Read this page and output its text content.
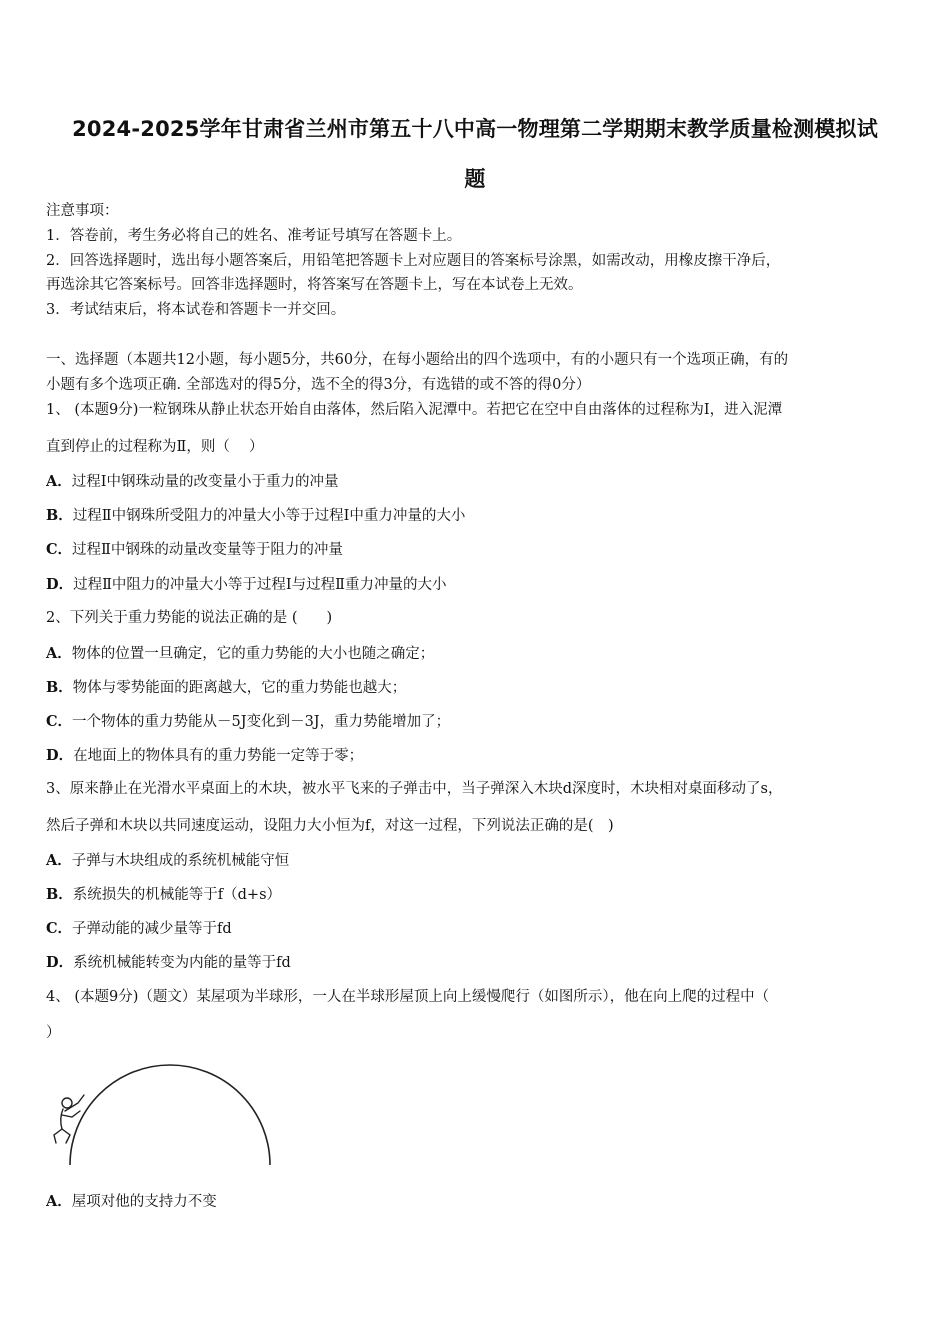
2024-2025学年甘肃省兰州市第五十八中高一物理第二学期期末教学质量检测模拟试
题
注意事项：
1．答卷前，考生务必将自己的姓名、准考证号填写在答题卡上。
2．回答选择题时，选出每小题答案后，用铅笔把答题卡上对应题目的答案标号涂黑，如需改动，用橡皮擦干净后，
再选涂其它答案标号。回答非选择题时，将答案写在答题卡上，写在本试卷上无效。
3．考试结束后，将本试卷和答题卡一并交回。
一、选择题（本题共12小题，每小题5分，共60分，在每小题给出的四个选项中，有的小题只有一个选项正确，有的
小题有多个选项正确. 全部选对的得5分，选不全的得3分，有选错的或不答的得0分）
1、 (本题9分)一粒钢珠从静止状态开始自由落体，然后陷入泥潭中。若把它在空中自由落体的过程称为Ⅰ，进入泥潭
直到停止的过程称为Ⅱ，则（　 ）
A．过程Ⅰ中钢珠动量的改变量小于重力的冲量
B．过程Ⅱ中钢珠所受阻力的冲量大小等于过程Ⅰ中重力冲量的大小
C．过程Ⅱ中钢珠的动量改变量等于阻力的冲量
D．过程Ⅱ中阻力的冲量大小等于过程Ⅰ与过程Ⅱ重力冲量的大小
2、下列关于重力势能的说法正确的是 (　　)
A．物体的位置一旦确定，它的重力势能的大小也随之确定；
B．物体与零势能面的距离越大，它的重力势能也越大；
C．一个物体的重力势能从－5J变化到－3J，重力势能增加了；
D．在地面上的物体具有的重力势能一定等于零；
3、原来静止在光滑水平桌面上的木块，被水平飞来的子弹击中，当子弹深入木块d深度时，木块相对桌面移动了s，
然后子弹和木块以共同速度运动，设阻力大小恒为f，对这一过程，下列说法正确的是(　)
A．子弹与木块组成的系统机械能守恒
B．系统损失的机械能等于f（d+s）
C．子弹动能的减少量等于fd
D．系统机械能转变为内能的量等于fd
4、 (本题9分)（题文）某屋项为半球形，一人在半球形屋顶上向上缓慢爬行（如图所示），他在向上爬的过程中（
）
A．屋项对他的支持力不变
